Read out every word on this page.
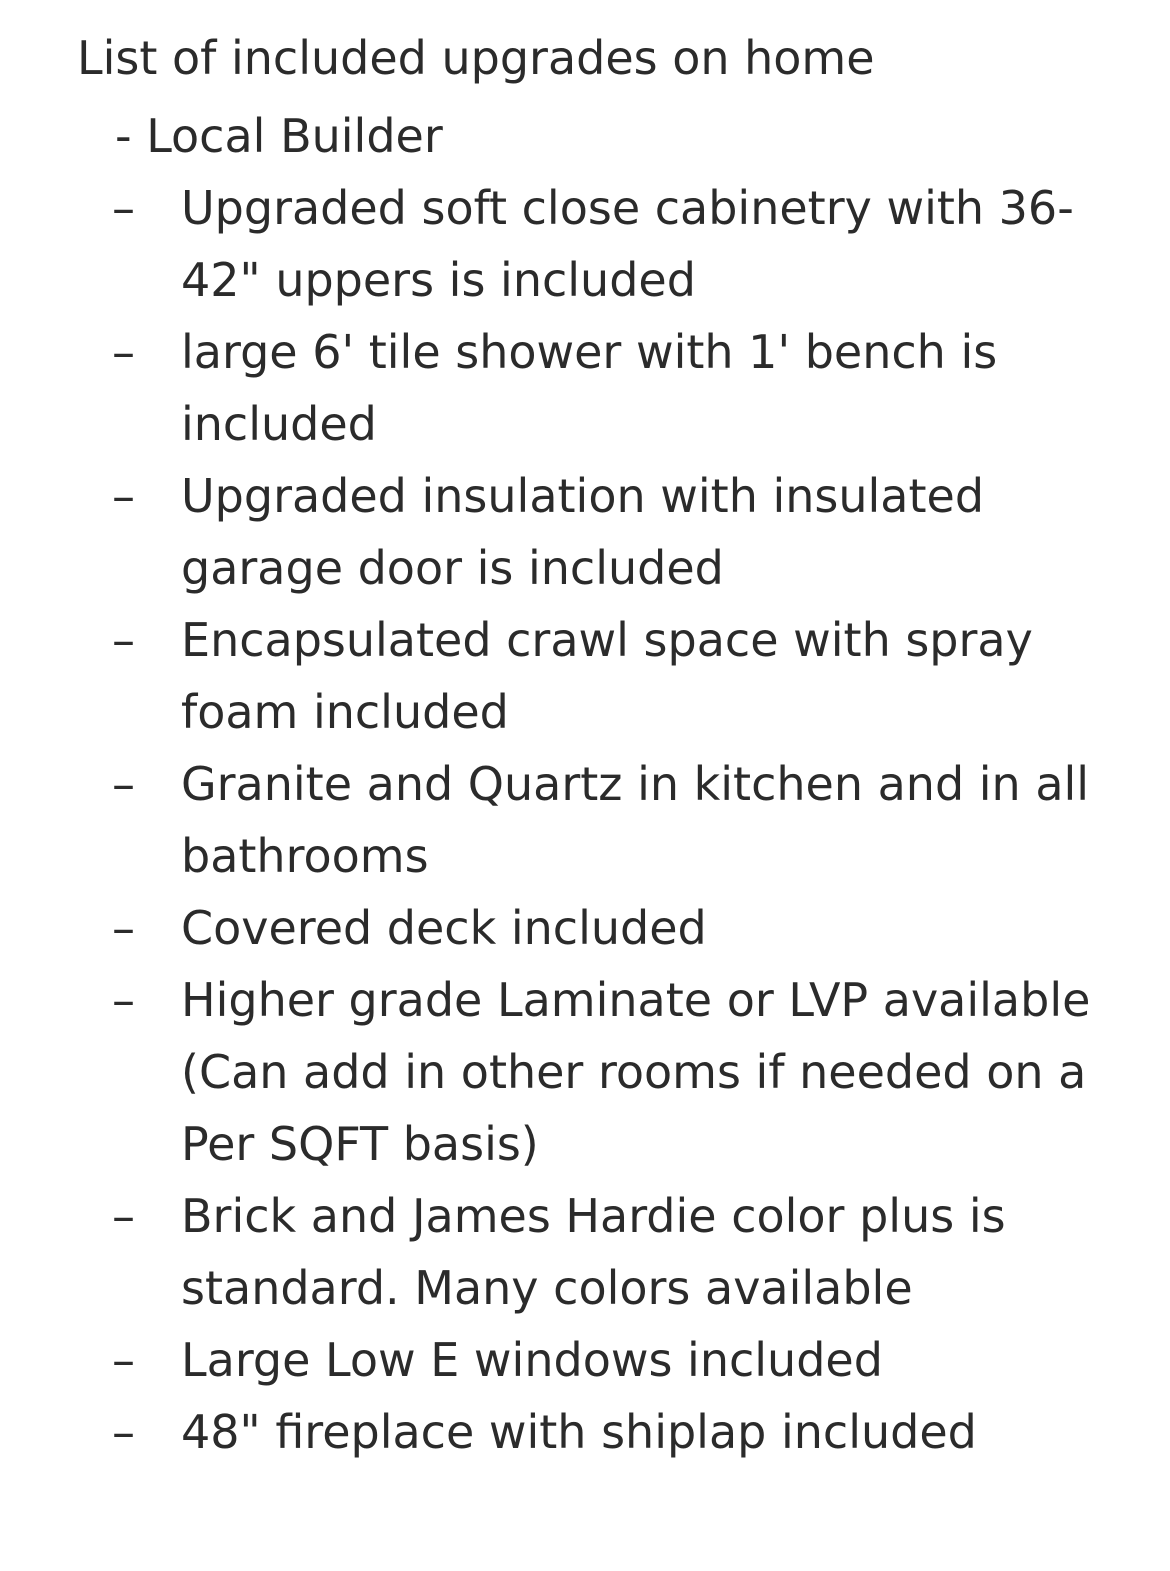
List of included upgrades on home
- Local Builder
– Upgraded soft close cabinetry with 36-42" uppers is included
– large 6' tile shower with 1' bench is included
– Upgraded insulation with insulated garage door is included
– Encapsulated crawl space with spray foam included
– Granite and Quartz in kitchen and in all bathrooms
– Covered deck included
– Higher grade Laminate or LVP available (Can add in other rooms if needed on a Per SQFT basis)
– Brick and James Hardie color plus is standard. Many colors available
– Large Low E windows included
– 48" fireplace with shiplap included
